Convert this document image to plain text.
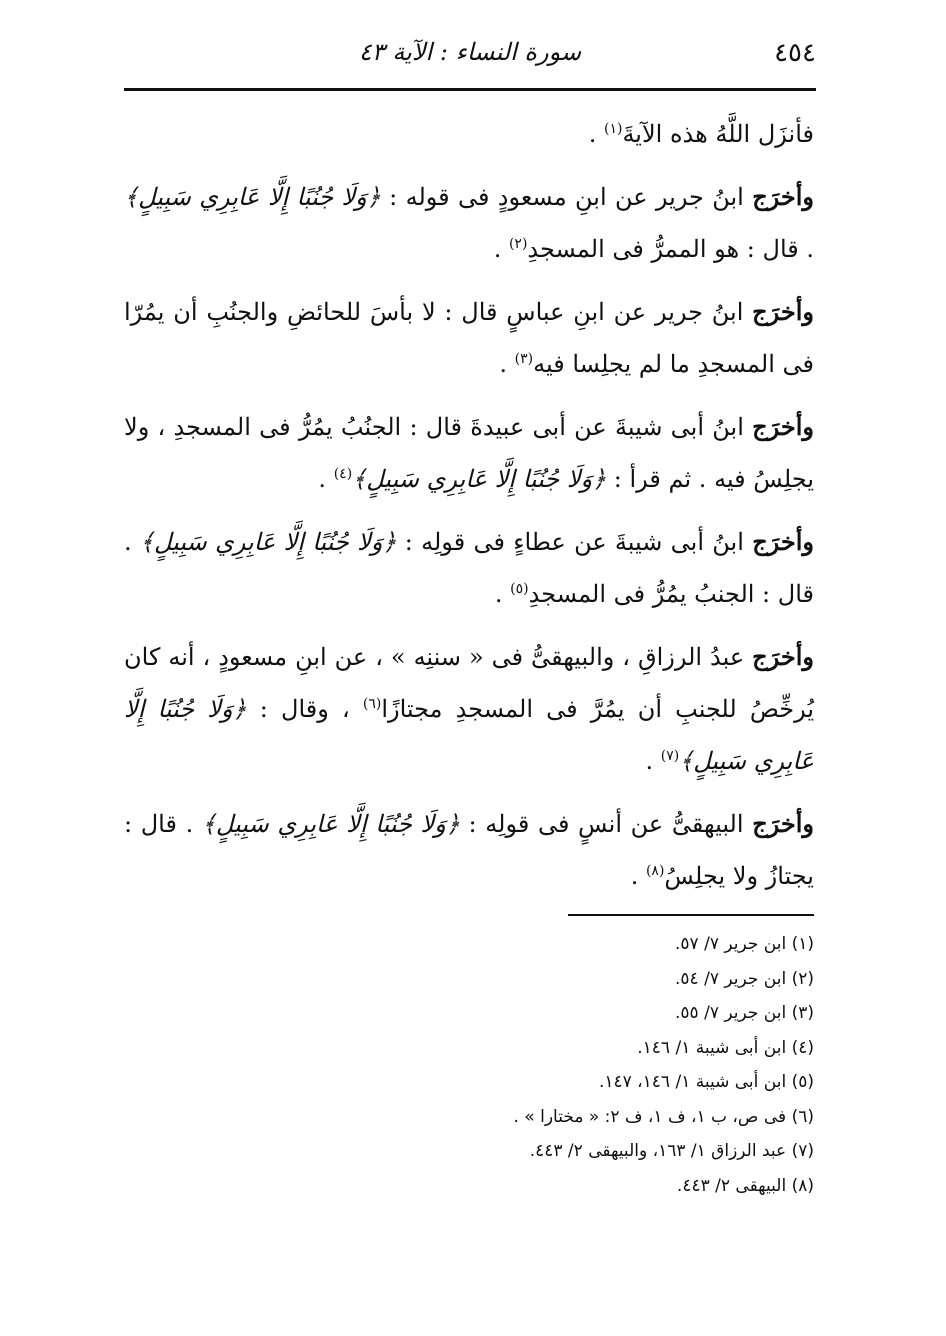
٤٥٤
سورة النساء : الآية ٤٣

فأنزَل اللَّهُ هذه الآيةَ$^{(١)}$ .

وأخرَج ابنُ جرير عن ابنِ مسعودٍ فى قوله : ﴿وَلَا جُنُبًا إِلَّا عَابِرِي سَبِيلٍ﴾ . قال : هو الممرُّ فى المسجدِ$^{(٢)}$ .

وأخرَج ابنُ جرير عن ابنِ عباسٍ قال : لا بأسَ للحائضِ والجنُبِ أن يمُرّا فى المسجدِ ما لم يجلِسا فيه$^{(٣)}$ .

وأخرَج ابنُ أبى شيبةَ عن أبى عبيدةَ قال : الجنُبُ يمُرُّ فى المسجدِ ، ولا يجلِسُ فيه . ثم قرأ : ﴿وَلَا جُنُبًا إِلَّا عَابِرِي سَبِيلٍ﴾$^{(٤)}$ .

وأخرَج ابنُ أبى شيبةَ عن عطاءٍ فى قولِه : ﴿وَلَا جُنُبًا إِلَّا عَابِرِي سَبِيلٍ﴾ . قال : الجنبُ يمُرُّ فى المسجدِ$^{(٥)}$ .

وأخرَج عبدُ الرزاقِ ، والبيهقىُّ فى « سننِه » ، عن ابنِ مسعودٍ ، أنه كان يُرخِّصُ للجنبِ أن يمُرَّ فى المسجدِ مجتازًا$^{(٦)}$ ، وقال : ﴿وَلَا جُنُبًا إِلَّا عَابِرِي سَبِيلٍ﴾$^{(٧)}$ .

وأخرَج البيهقىُّ عن أنسٍ فى قولِه : ﴿وَلَا جُنُبًا إِلَّا عَابِرِي سَبِيلٍ﴾ . قال : يجتازُ ولا يجلِسُ$^{(٨)}$ .

(١) ابن جرير ٧/ ٥٧.

(٢) ابن جرير ٧/ ٥٤.

(٣) ابن جرير ٧/ ٥٥.

(٤) ابن أبى شيبة ١/ ١٤٦.

(٥) ابن أبى شيبة ١/ ١٤٦، ١٤٧.

(٦) فى ص، ب ١، ف ١، ف ٢: « مختارا » .

(٧) عبد الرزاق ١/ ١٦٣، والبيهقى ٢/ ٤٤٣.

(٨) البيهقى ٢/ ٤٤٣.
